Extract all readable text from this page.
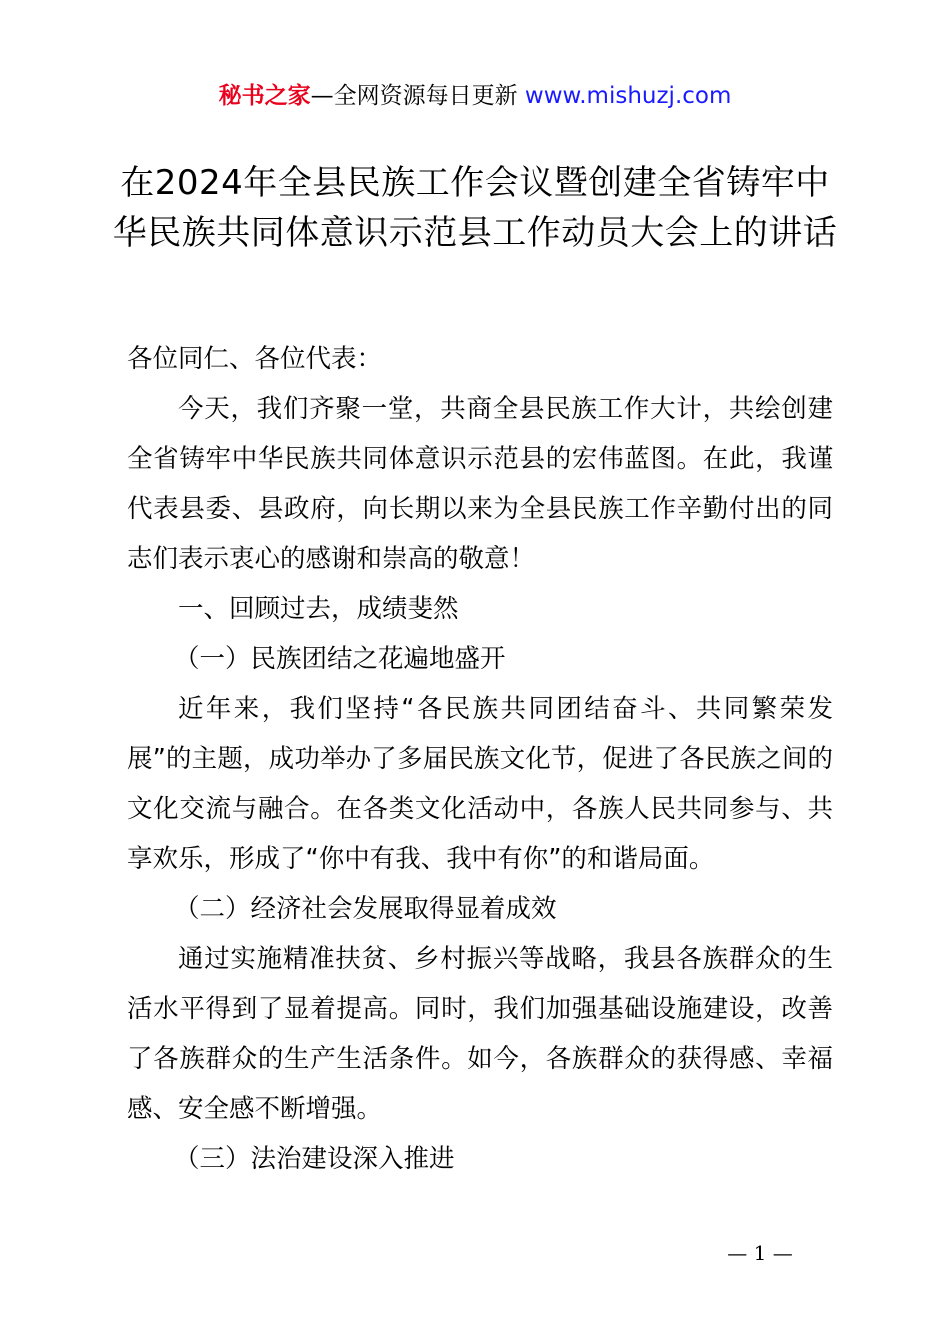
秘书之家—全网资源每日更新 www.mishuzj.com
在2024年全县民族工作会议暨创建全省铸牢中华民族共同体意识示范县工作动员大会上的讲话

各位同仁、各位代表：

今天，我们齐聚一堂，共商全县民族工作大计，共绘创建全省铸牢中华民族共同体意识示范县的宏伟蓝图。在此，我谨代表县委、县政府，向长期以来为全县民族工作辛勤付出的同志们表示衷心的感谢和崇高的敬意！

一、回顾过去，成绩斐然

（一）民族团结之花遍地盛开

近年来，我们坚持“各民族共同团结奋斗、共同繁荣发展”的主题，成功举办了多届民族文化节，促进了各民族之间的文化交流与融合。在各类文化活动中，各族人民共同参与、共享欢乐，形成了“你中有我、我中有你”的和谐局面。

（二）经济社会发展取得显着成效

通过实施精准扶贫、乡村振兴等战略，我县各族群众的生活水平得到了显着提高。同时，我们加强基础设施建设，改善了各族群众的生产生活条件。如今，各族群众的获得感、幸福感、安全感不断增强。

（三）法治建设深入推进

— 1 —
